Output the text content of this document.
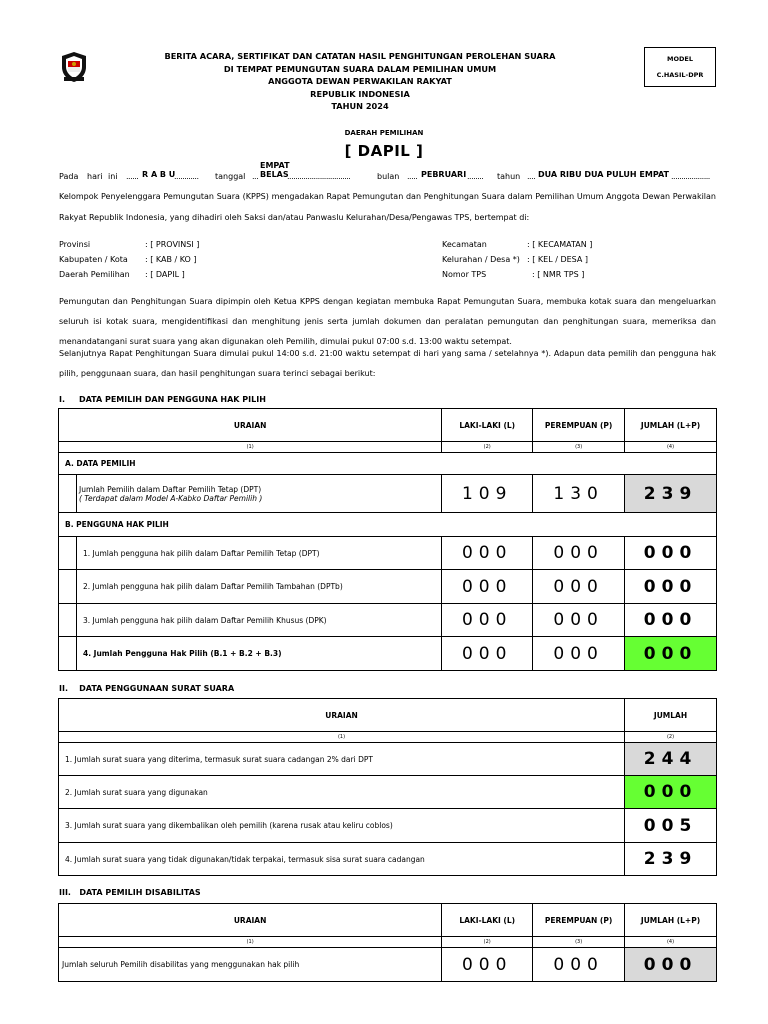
BERITA ACARA, SERTIFIKAT DAN CATATAN HASIL PENGHITUNGAN PEROLEHAN SUARA
DI TEMPAT PEMUNGUTAN SUARA DALAM PEMILIHAN UMUM
ANGGOTA DEWAN PERWAKILAN RAKYAT
REPUBLIK INDONESIA
TAHUN 2024
MODEL
C.HASIL-DPR
DAERAH PEMILIHAN
[ DAPIL ]
Pada hari ini ...... R A B U
............ tanggal ...
EMPAT
BELAS
...............................	bulan ..... PEBRUARI ........ tahun .... DUA RIBU DUA PULUH EMPAT ...................
Kelompok Penyelenggara Pemungutan Suara (KPPS) mengadakan Rapat Pemungutan dan Penghitungan Suara dalam Pemilihan Umum Anggota Dewan Perwakilan Rakyat Republik Indonesia, yang dihadiri oleh Saksi dan/atau Panwaslu Kelurahan/Desa/Pengawas TPS, bertempat di:
Provinsi	: [ PROVINSI ]
Kabupaten / Kota : [ KAB / KO ]
Daerah Pemilihan : [ DAPIL ]
Kecamatan	: [ KECAMATAN ]
Kelurahan / Desa *) : [ KEL / DESA ]
Nomor TPS	: [ NMR TPS ]
Pemungutan dan Penghitungan Suara dipimpin oleh Ketua KPPS dengan kegiatan membuka Rapat Pemungutan Suara, membuka kotak suara dan mengeluarkan seluruh isi kotak suara, mengidentifikasi dan menghitung jenis serta jumlah dokumen dan peralatan pemungutan dan penghitungan suara, memeriksa dan menandatangani surat suara yang akan digunakan oleh Pemilih, dimulai pukul 07:00 s.d. 13:00 waktu setempat.
Selanjutnya Rapat Penghitungan Suara dimulai pukul 14:00 s.d. 21:00 waktu setempat di hari yang sama / setelahnya *). Adapun data pemilih dan pengguna hak pilih, penggunaan suara, dan hasil penghitungan suara terinci sebagai berikut:
I.     DATA PEMILIH DAN PENGGUNA HAK PILIH
URAIAN	LAKI-LAKI (L)	PEREMPUAN (P)	JUMLAH (L+P)
(1)	(2)	(3)	(4)
A. DATA PEMILIH			

Jumlah Pemilih dalam Daftar Pemilih Tetap (DPT)
( Terdapat dalam Model A-Kabko Daftar Pemilih )	109	130	239
B. PENGGUNA HAK PILIH			

1. Jumlah pengguna hak pilih dalam Daftar Pemilih Tetap (DPT)	000	000	000

2. Jumlah pengguna hak pilih dalam Daftar Pemilih Tambahan (DPTb)	000	000	000

3. Jumlah pengguna hak pilih dalam Daftar Pemilih Khusus (DPK)	000	000	000

4. Jumlah Pengguna Hak Pilih (B.1 + B.2 + B.3)	000	000	000
II.    DATA PENGGUNAAN SURAT SUARA
URAIAN	JUMLAH
(1)	(2)
1. Jumlah surat suara yang diterima, termasuk surat suara cadangan 2% dari DPT	244
2. Jumlah surat suara yang digunakan	000
3. Jumlah surat suara yang dikembalikan oleh pemilih (karena rusak atau keliru coblos)	005
4. Jumlah surat suara yang tidak digunakan/tidak terpakai, termasuk sisa surat suara cadangan	239
III.   DATA PEMILIH DISABILITAS
URAIAN	LAKI-LAKI (L)	PEREMPUAN (P)	JUMLAH (L+P)
(1)	(2)	(3)	(4)
Jumlah seluruh Pemilih disabilitas yang menggunakan hak pilih	000	000	000
